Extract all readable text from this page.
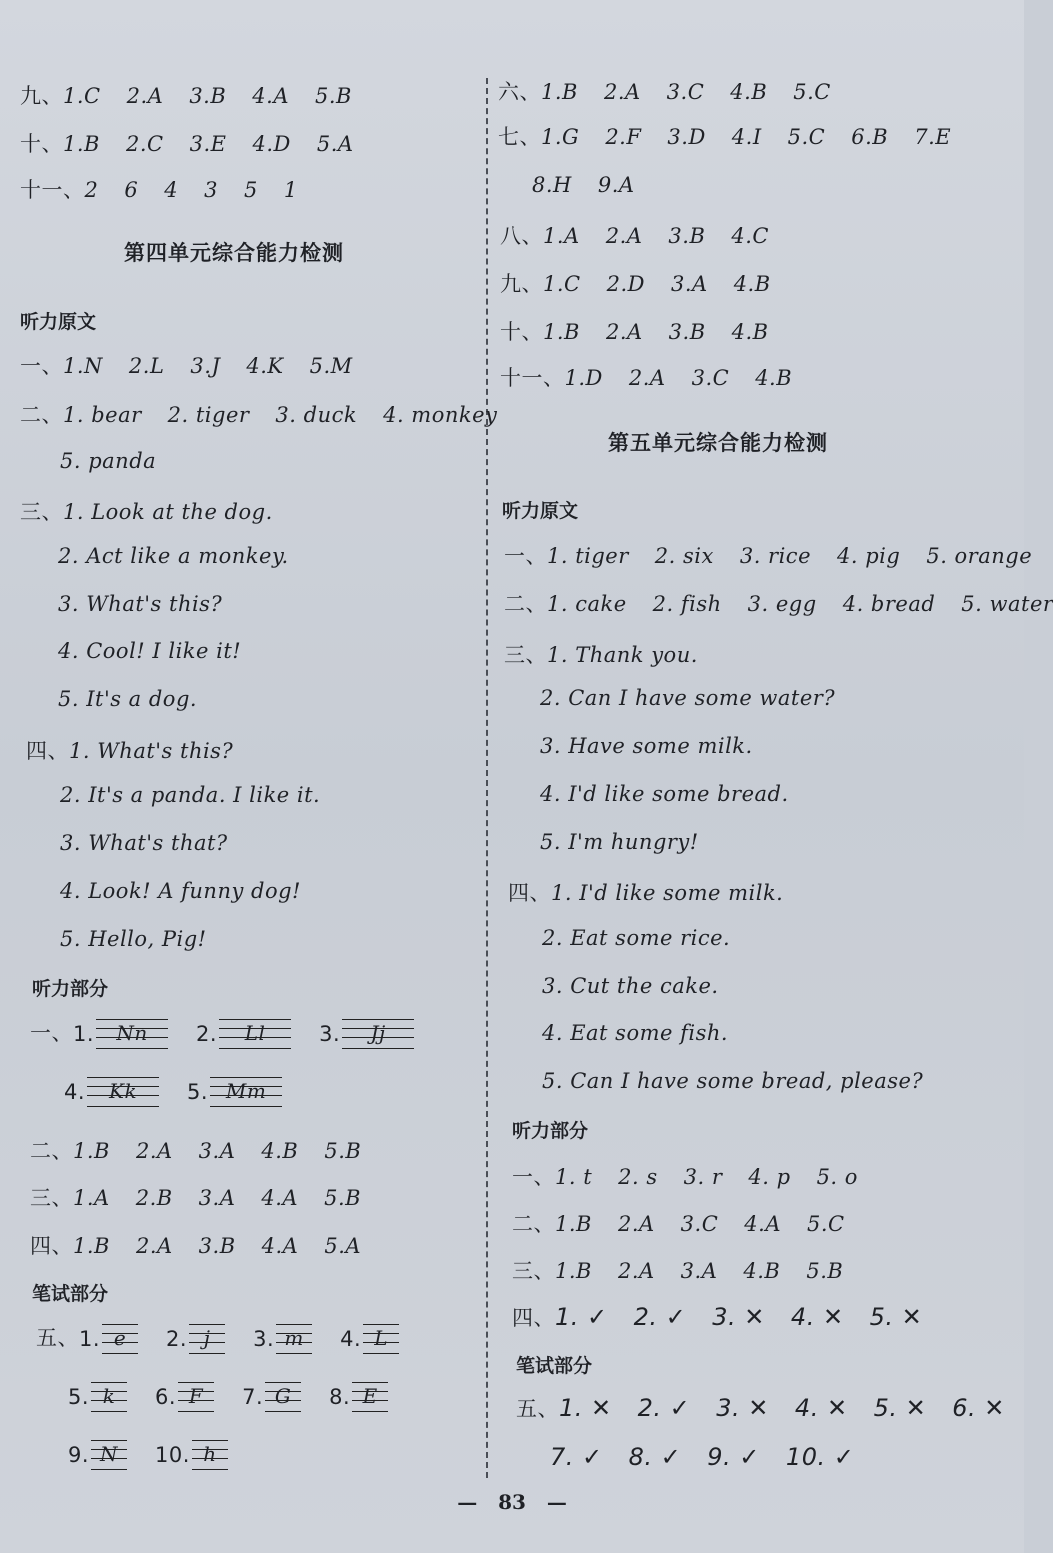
九、1.C 2.A 3.B 4.A 5.B
十、1.B 2.C 3.E 4.D 5.A
十一、2 6 4 3 5 1
第四单元综合能力检测
听力原文
一、1.N 2.L 3.J 4.K 5.M
二、1. bear 2. tiger 3. duck 4. monkey
5. panda
三、1. Look at the dog.
2. Act like a monkey.
3. What's this?
4. Cool! I like it!
5. It's a dog.
四、1. What's this?
2. It's a panda. I like it.
3. What's that?
4. Look! A funny dog!
5. Hello, Pig!
听力部分
一、1.	Nn	2.	Ll	3.	Jj
4.	Kk	5. Mm
二、1.B 2.A 3.A 4.B 5.B
三、1.A 2.B 3.A 4.A 5.B
四、1.B 2.A 3.B 4.A 5.A
笔试部分
五、1. e	2. j	3. m	4. L
5. k	6. F	7. G	8. E
9. N	10. h
六、1.B 2.A 3.C 4.B 5.C
七、1.G 2.F 3.D 4.I 5.C 6.B 7.E
8.H 9.A
八、1.A 2.A 3.B 4.C
九、1.C 2.D 3.A 4.B
十、1.B 2.A 3.B 4.B
十一、1.D 2.A 3.C 4.B
第五单元综合能力检测
听力原文
一、1. tiger 2. six 3. rice 4. pig 5. orange
二、1. cake 2. fish 3. egg 4. bread 5. water
三、1. Thank you.
2. Can I have some water?
3. Have some milk.
4. I'd like some bread.
5. I'm hungry!
四、1. I'd like some milk.
2. Eat some rice.
3. Cut the cake.
4. Eat some fish.
5. Can I have some bread, please?
听力部分
一、1. t 2. s 3. r 4. p 5. o
二、1.B 2.A 3.C 4.A 5.C
三、1.B 2.A 3.A 4.B 5.B
四、1. ✓ 2. ✓ 3. ✕ 4. ✕ 5. ✕
笔试部分
五、1. ✕ 2. ✓ 3. ✕ 4. ✕ 5. ✕ 6. ✕
7. ✓ 8. ✓ 9. ✓ 10. ✓
— 83 —
